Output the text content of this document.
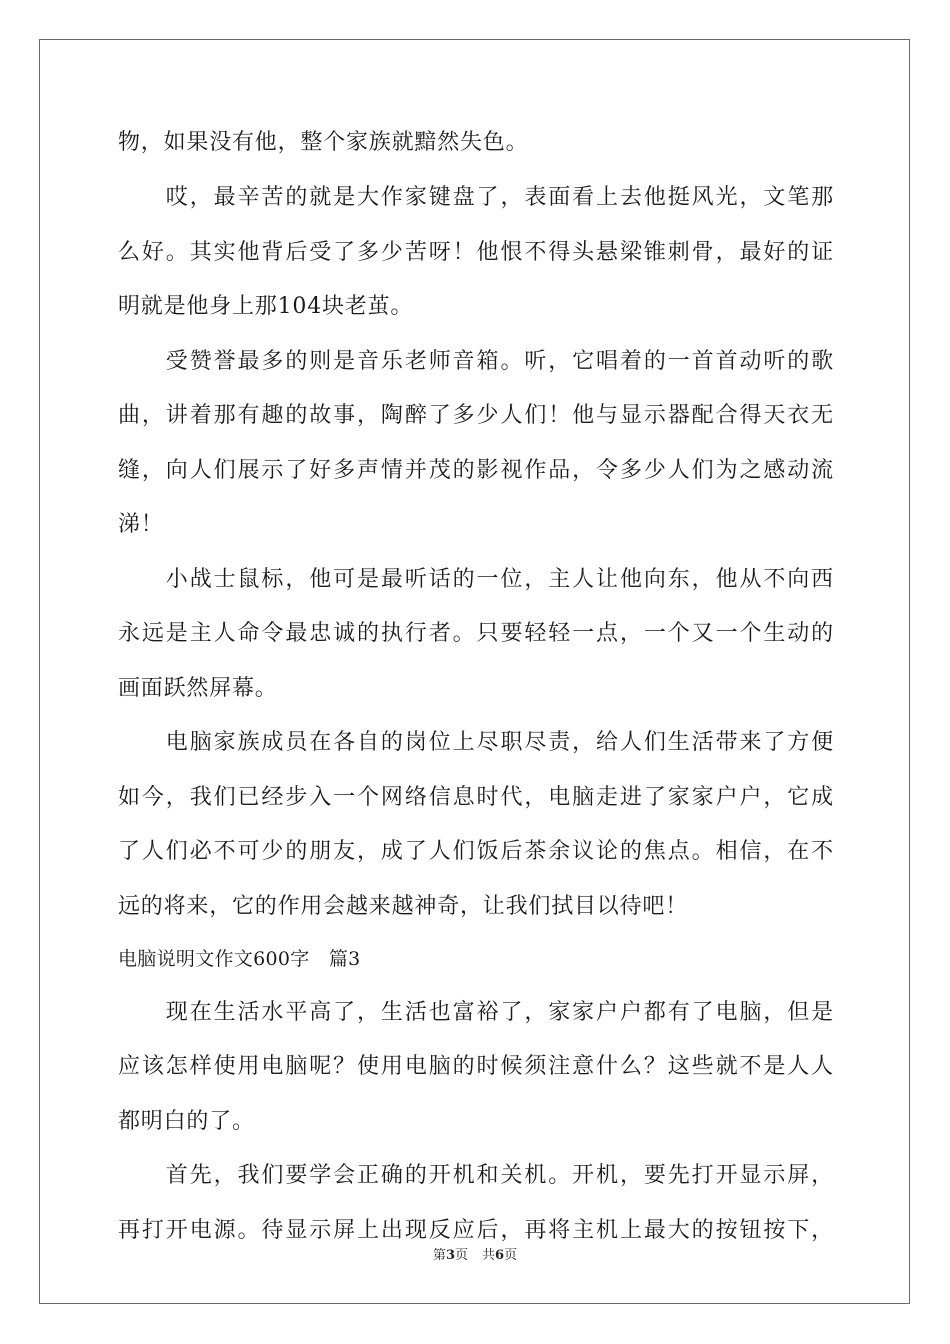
物，如果没有他，整个家族就黯然失色。
　　哎，最辛苦的就是大作家键盘了，表面看上去他挺风光，文笔那
么好。其实他背后受了多少苦呀！他恨不得头悬梁锥刺骨，最好的证
明就是他身上那104块老茧。
　　受赞誉最多的则是音乐老师音箱。听，它唱着的一首首动听的歌
曲，讲着那有趣的故事，陶醉了多少人们！他与显示器配合得天衣无
缝，向人们展示了好多声情并茂的影视作品，令多少人们为之感动流
涕！
　　小战士鼠标，他可是最听话的一位，主人让他向东，他从不向西
永远是主人命令最忠诚的执行者。只要轻轻一点，一个又一个生动的
画面跃然屏幕。
　　电脑家族成员在各自的岗位上尽职尽责，给人们生活带来了方便
如今，我们已经步入一个网络信息时代，电脑走进了家家户户，它成
了人们必不可少的朋友，成了人们饭后茶余议论的焦点。相信，在不
远的将来，它的作用会越来越神奇，让我们拭目以待吧！
电脑说明文作文600字　篇3
　　现在生活水平高了，生活也富裕了，家家户户都有了电脑，但是
应该怎样使用电脑呢？使用电脑的时候须注意什么？这些就不是人人
都明白的了。
　　首先，我们要学会正确的开机和关机。开机，要先打开显示屏，
再打开电源。待显示屏上出现反应后，再将主机上最大的按钮按下，
第3页 共6页
